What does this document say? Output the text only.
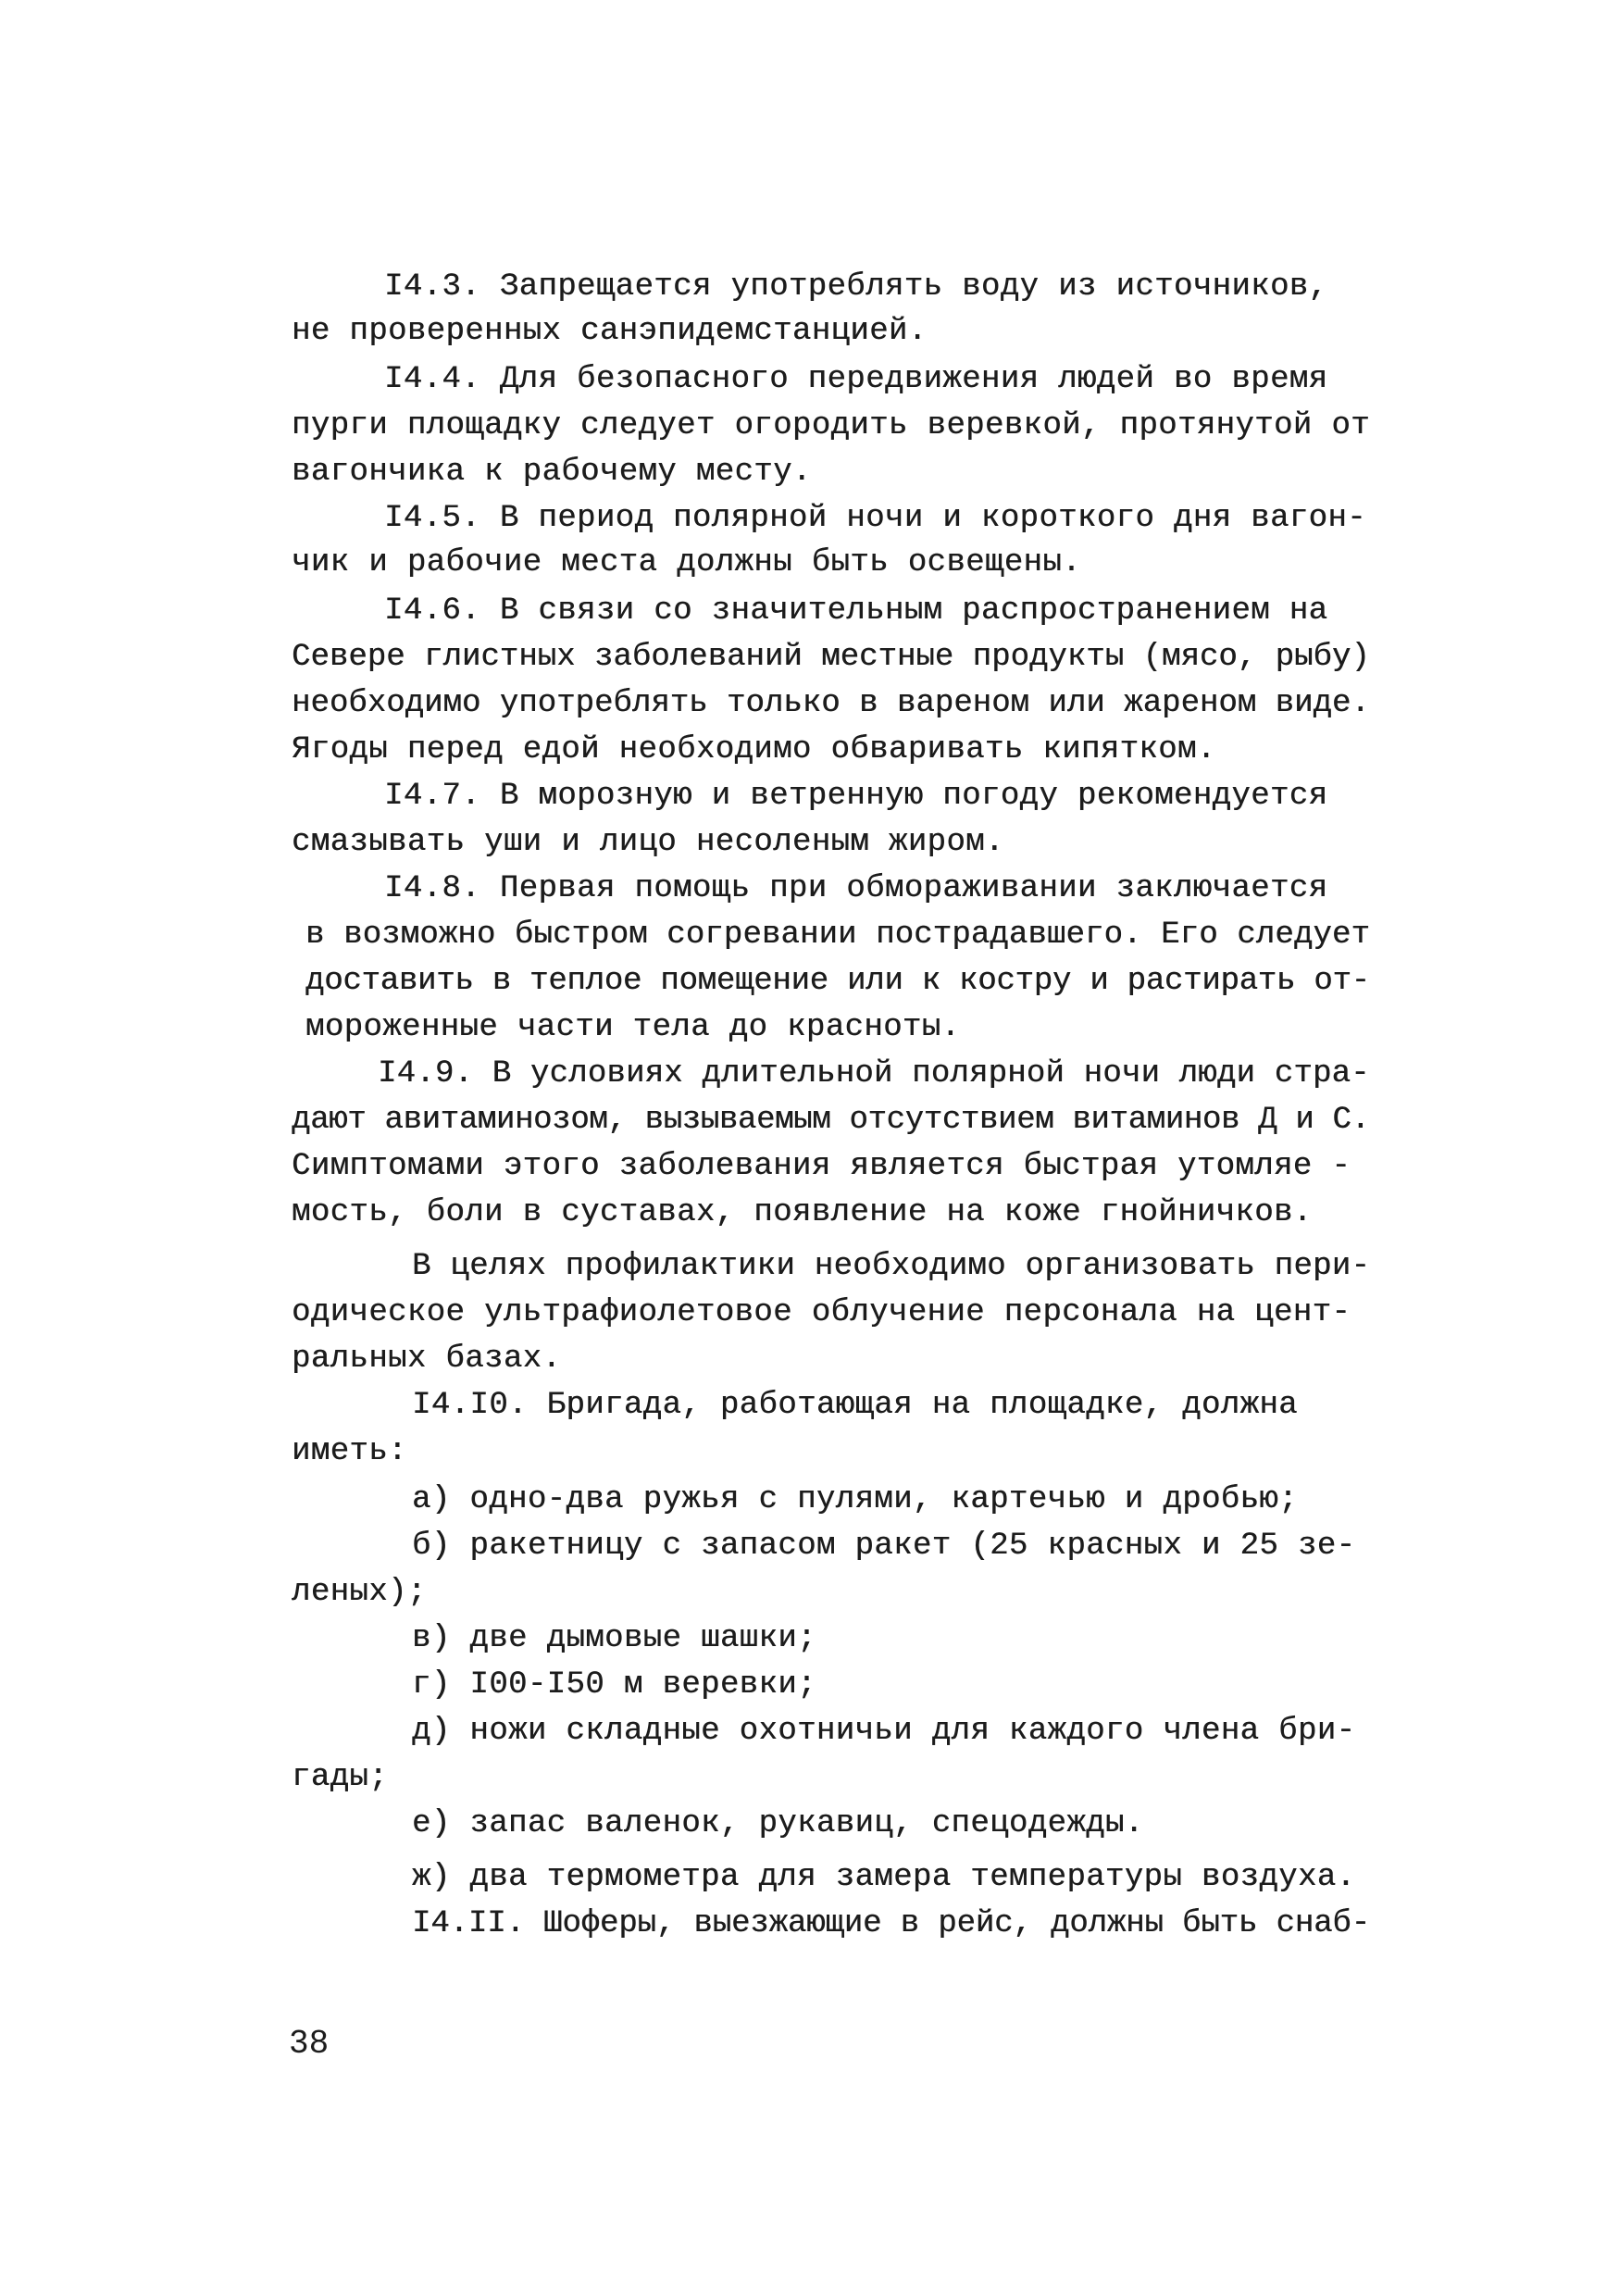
I4.3. Запрещается употреблять воду из источников,
не проверенных санэпидемстанцией.
I4.4. Для безопасного передвижения людей во время
пурги площадку следует огородить веревкой, протянутой от
вагончика к рабочему месту.
I4.5. В период полярной ночи и короткого дня вагон-
чик и рабочие места должны быть освещены.
I4.6. В связи со значительным распространением на
Севере глистных заболеваний местные продукты (мясо, рыбу)
необходимо употреблять только в вареном или жареном виде.
Ягоды перед едой необходимо обваривать кипятком.
I4.7. В морозную и ветренную погоду рекомендуется
смазывать уши и лицо несоленым жиром.
I4.8. Первая помощь при обмораживании заключается
в возможно быстром согревании пострадавшего. Его следует
доставить в теплое помещение или к костру и растирать от-
мороженные части тела до красноты.
I4.9. В условиях длительной полярной ночи люди стра-
дают авитаминозом, вызываемым отсутствием витаминов Д и С.
Симптомами этого заболевания является быстрая утомляе -
мость, боли в суставах, появление на коже гнойничков.
В целях профилактики необходимо организовать пери-
одическое ультрафиолетовое облучение персонала на цент-
ральных базах.
I4.I0. Бригада, работающая на площадке, должна
иметь:
а) одно-два ружья с пулями, картечью и дробью;
б) ракетницу с запасом ракет (25 красных и 25 зе-
леных);
в) две дымовые шашки;
г) I00-I50 м веревки;
д) ножи складные охотничьи для каждого члена бри-
гады;
е) запас валенок, рукавиц, спецодежды.
ж) два термометра для замера температуры воздуха.
I4.II. Шоферы, выезжающие в рейс, должны быть снаб-
38
